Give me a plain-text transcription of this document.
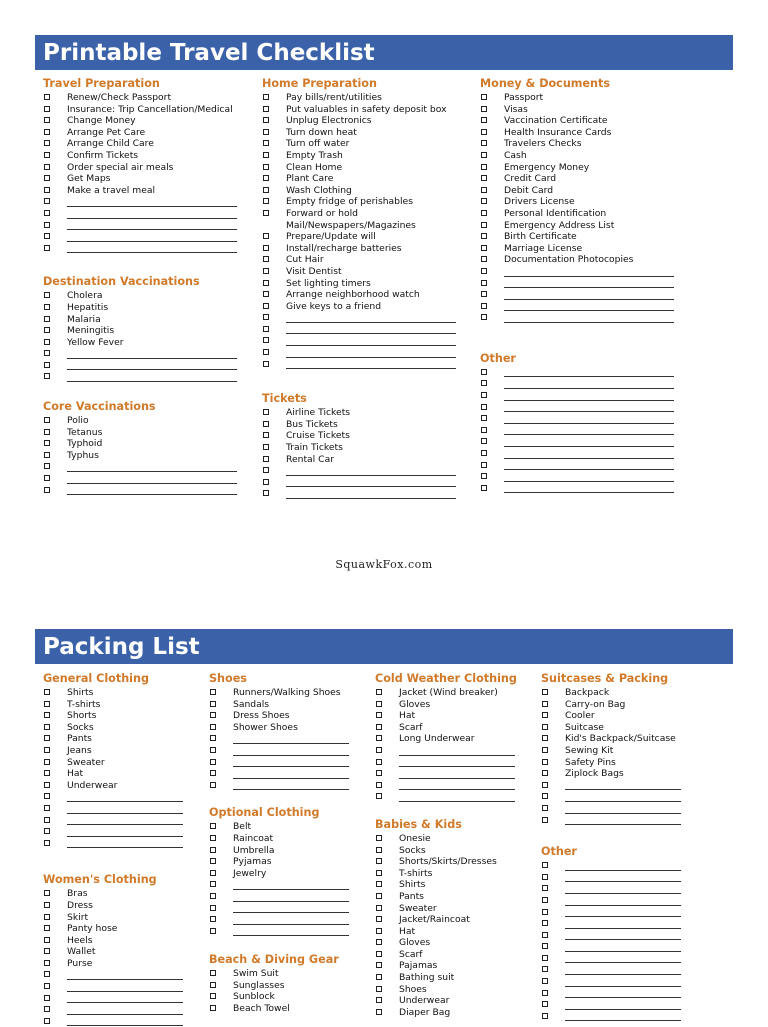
Printable Travel Checklist
Travel Preparation
Renew/Check Passport
Insurance: Trip Cancellation/Medical
Change Money
Arrange Pet Care
Arrange Child Care
Confirm Tickets
Order special air meals
Get Maps
Make a travel meal
Destination Vaccinations
Cholera
Hepatitis
Malaria
Meningitis
Yellow Fever
Core Vaccinations
Polio
Tetanus
Typhoid
Typhus
Home Preparation
Pay bills/rent/utilities
Put valuables in safety deposit box
Unplug Electronics
Turn down heat
Turn off water
Empty Trash
Clean Home
Plant Care
Wash Clothing
Empty fridge of perishables
Forward or hold
Mail/Newspapers/Magazines
Prepare/Update will
Install/recharge batteries
Cut Hair
Visit Dentist
Set lighting timers
Arrange neighborhood watch
Give keys to a friend
Tickets
Airline Tickets
Bus Tickets
Cruise Tickets
Train Tickets
Rental Car
Money & Documents
Passport
Visas
Vaccination Certificate
Health Insurance Cards
Travelers Checks
Cash
Emergency Money
Credit Card
Debit Card
Drivers License
Personal Identification
Emergency Address List
Birth Certificate
Marriage License
Documentation Photocopies
Other
SquawkFox.com
Packing List
General Clothing
Shirts
T-shirts
Shorts
Socks
Pants
Jeans
Sweater
Hat
Underwear
Women's Clothing
Bras
Dress
Skirt
Panty hose
Heels
Wallet
Purse
Shoes
Runners/Walking Shoes
Sandals
Dress Shoes
Shower Shoes
Optional Clothing
Belt
Raincoat
Umbrella
Pyjamas
Jewelry
Beach & Diving Gear
Swim Suit
Sunglasses
Sunblock
Beach Towel
Cold Weather Clothing
Jacket (Wind breaker)
Gloves
Hat
Scarf
Long Underwear
Babies & Kids
Onesie
Socks
Shorts/Skirts/Dresses
T-shirts
Shirts
Pants
Sweater
Jacket/Raincoat
Hat
Gloves
Scarf
Pajamas
Bathing suit
Shoes
Underwear
Diaper Bag
Suitcases & Packing
Backpack
Carry-on Bag
Cooler
Suitcase
Kid's Backpack/Suitcase
Sewing Kit
Safety Pins
Ziplock Bags
Other
